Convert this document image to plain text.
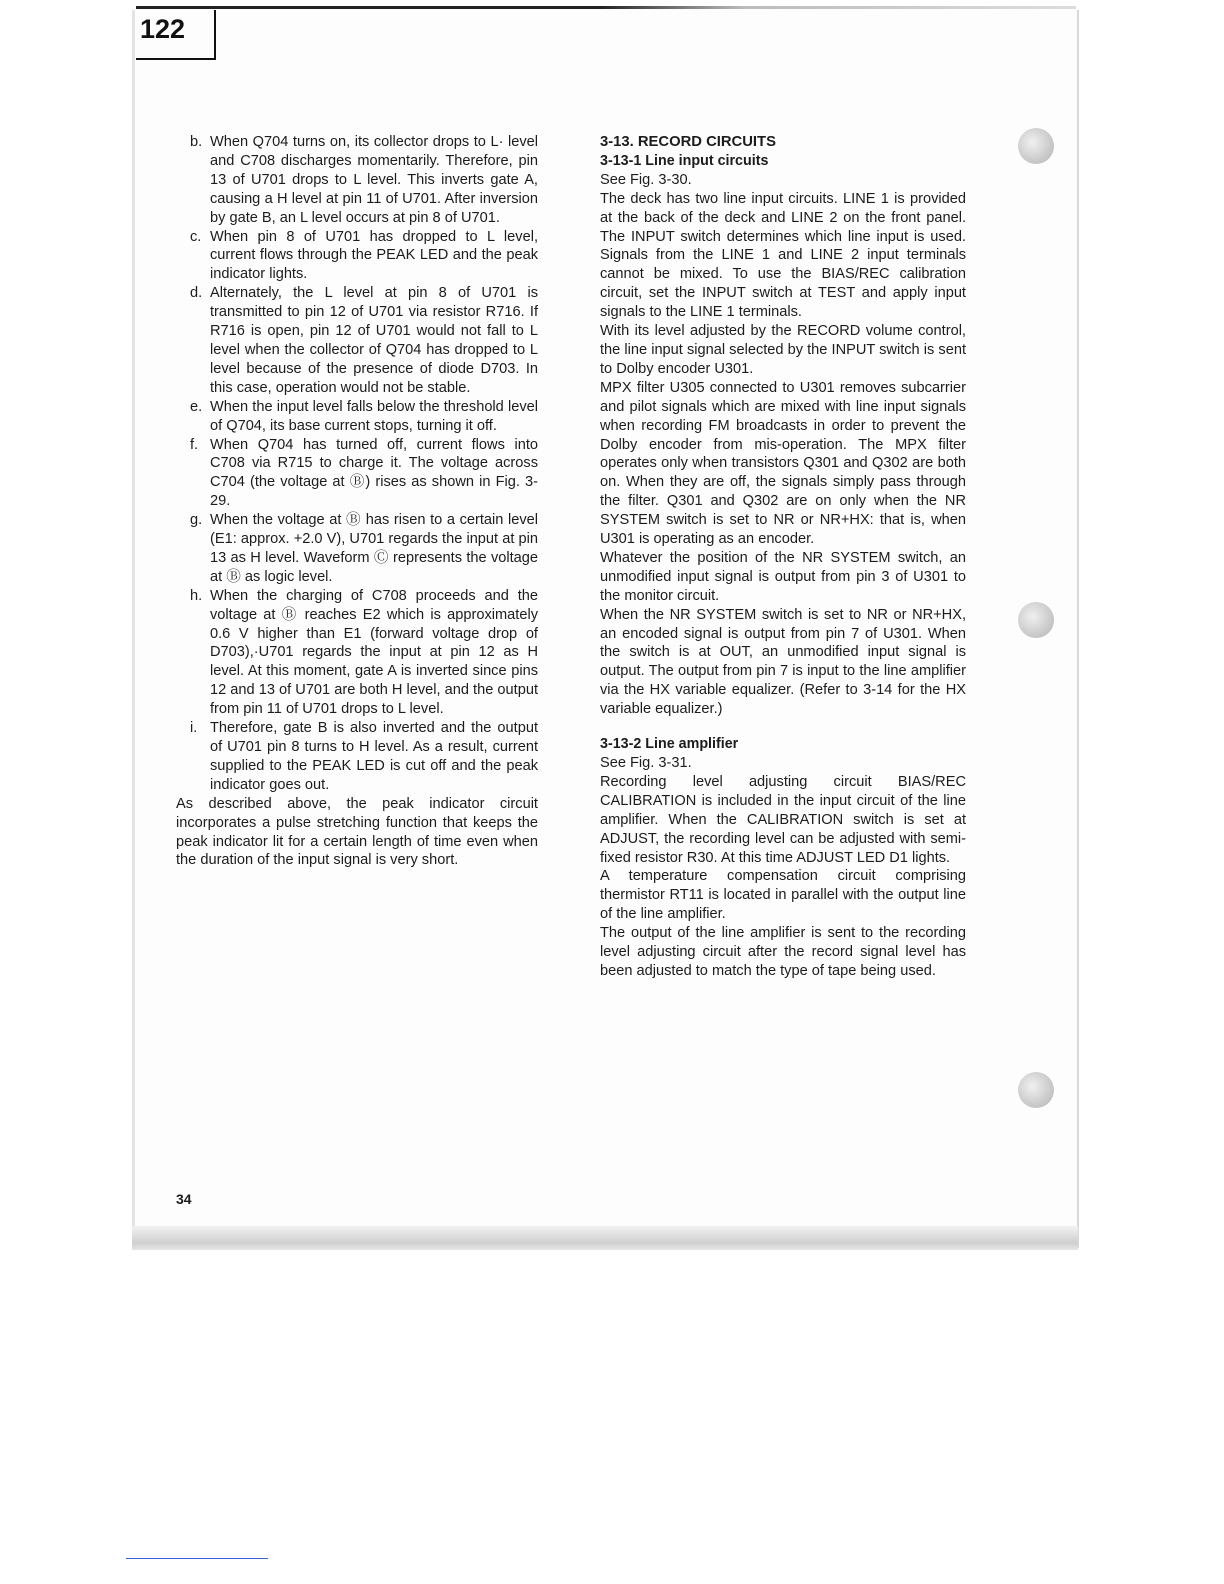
122
b. When Q704 turns on, its collector drops to L· level and C708 discharges momentarily. Therefore, pin 13 of U701 drops to L level. This inverts gate A, causing a H level at pin 11 of U701. After inversion by gate B, an L level occurs at pin 8 of U701.
c. When pin 8 of U701 has dropped to L level, current flows through the PEAK LED and the peak indicator lights.
d. Alternately, the L level at pin 8 of U701 is transmitted to pin 12 of U701 via resistor R716. If R716 is open, pin 12 of U701 would not fall to L level when the collector of Q704 has dropped to L level because of the presence of diode D703. In this case, operation would not be stable.
e. When the input level falls below the threshold level of Q704, its base current stops, turning it off.
f. When Q704 has turned off, current flows into C708 via R715 to charge it. The voltage across C704 (the voltage at Ⓑ) rises as shown in Fig. 3-29.
g. When the voltage at Ⓑ has risen to a certain level (E1: approx. +2.0 V), U701 regards the input at pin 13 as H level. Waveform Ⓒ represents the voltage at Ⓑ as logic level.
h. When the charging of C708 proceeds and the voltage at Ⓑ reaches E2 which is approximately 0.6 V higher than E1 (forward voltage drop of D703),·U701 regards the input at pin 12 as H level. At this moment, gate A is inverted since pins 12 and 13 of U701 are both H level, and the output from pin 11 of U701 drops to L level.
i. Therefore, gate B is also inverted and the output of U701 pin 8 turns to H level. As a result, current supplied to the PEAK LED is cut off and the peak indicator goes out.

As described above, the peak indicator circuit incorporates a pulse stretching function that keeps the peak indicator lit for a certain length of time even when the duration of the input signal is very short.

3-13. RECORD CIRCUITS

3-13-1 Line input circuits

See Fig. 3-30.

The deck has two line input circuits. LINE 1 is provided at the back of the deck and LINE 2 on the front panel. The INPUT switch determines which line input is used. Signals from the LINE 1 and LINE 2 input terminals cannot be mixed. To use the BIAS/REC calibration circuit, set the INPUT switch at TEST and apply input signals to the LINE 1 terminals.

With its level adjusted by the RECORD volume control, the line input signal selected by the INPUT switch is sent to Dolby encoder U301.

MPX filter U305 connected to U301 removes subcarrier and pilot signals which are mixed with line input signals when recording FM broadcasts in order to prevent the Dolby encoder from mis-operation. The MPX filter operates only when transistors Q301 and Q302 are both on. When they are off, the signals simply pass through the filter. Q301 and Q302 are on only when the NR SYSTEM switch is set to NR or NR+HX: that is, when U301 is operating as an encoder.

Whatever the position of the NR SYSTEM switch, an unmodified input signal is output from pin 3 of U301 to the monitor circuit.

When the NR SYSTEM switch is set to NR or NR+HX, an encoded signal is output from pin 7 of U301. When the switch is at OUT, an unmodified input signal is output. The output from pin 7 is input to the line amplifier via the HX variable equalizer. (Refer to 3-14 for the HX variable equalizer.)

3-13-2 Line amplifier

See Fig. 3-31.

Recording level adjusting circuit BIAS/REC CALIBRATION is included in the input circuit of the line amplifier. When the CALIBRATION switch is set at ADJUST, the recording level can be adjusted with semi-fixed resistor R30. At this time ADJUST LED D1 lights.

A temperature compensation circuit comprising thermistor RT11 is located in parallel with the output line of the line amplifier.

The output of the line amplifier is sent to the recording level adjusting circuit after the record signal level has been adjusted to match the type of tape being used.

34
